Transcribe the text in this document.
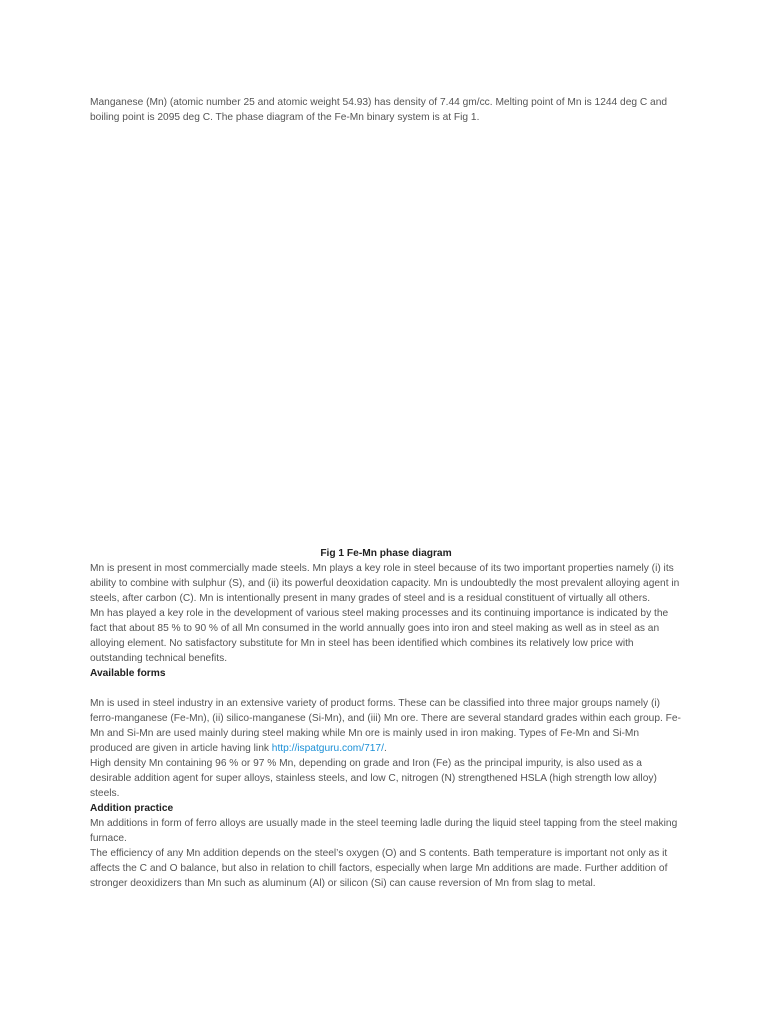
Manganese (Mn) (atomic number 25 and atomic weight 54.93) has density of 7.44 gm/cc. Melting point of Mn is 1244 deg C and boiling point is 2095 deg C. The phase diagram of the Fe-Mn binary system is at Fig 1.

Fig 1 Fe-Mn phase diagram

Mn is present in most commercially made steels. Mn plays a key role in steel because of its two important properties namely (i) its ability to combine with sulphur (S), and (ii) its powerful deoxidation capacity. Mn is undoubtedly the most prevalent alloying agent in steels, after carbon (C). Mn is intentionally present in many grades of steel and is a residual constituent of virtually all others.

Mn has played a key role in the development of various steel making processes and its continuing importance is indicated by the fact that about 85 % to 90 % of all Mn consumed in the world annually goes into iron and steel making as well as in steel as an alloying element. No satisfactory substitute for Mn in steel has been identified which combines its relatively low price with outstanding technical benefits.

Available forms

Mn is used in steel industry in an extensive variety of product forms. These can be classified into three major groups namely (i) ferro-manganese (Fe-Mn), (ii) silico-manganese (Si-Mn), and (iii) Mn ore. There are several standard grades within each group. Fe-Mn and Si-Mn are used mainly during steel making while Mn ore is mainly used in iron making. Types of Fe-Mn and Si-Mn produced are given in article having link http://ispatguru.com/717/.

High density Mn containing 96 % or 97 % Mn, depending on grade and Iron (Fe) as the principal impurity, is also used as a desirable addition agent for super alloys, stainless steels, and low C, nitrogen (N) strengthened HSLA (high strength low alloy) steels.

Addition practice

Mn additions in form of ferro alloys are usually made in the steel teeming ladle during the liquid steel tapping from the steel making furnace.

The efficiency of any Mn addition depends on the steel’s oxygen (O) and S contents. Bath temperature is important not only as it affects the C and O balance, but also in relation to chill factors, especially when large Mn additions are made. Further addition of stronger deoxidizers than Mn such as aluminum (Al) or silicon (Si) can cause reversion of Mn from slag to metal.
